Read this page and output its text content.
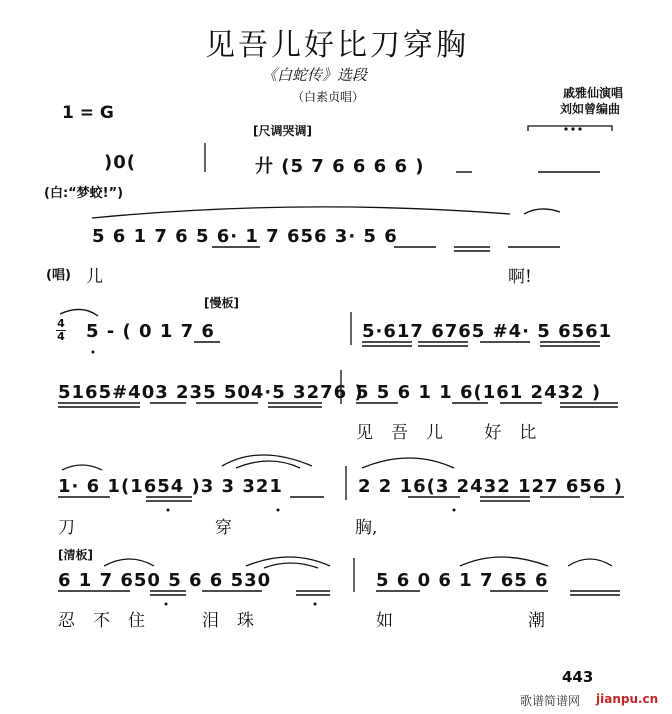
见吾儿好比刀穿胸
《白蛇传》选段
（白素贞唱）	戚雅仙演唱
刘如曾编曲
1 = G
[尺调哭调]
)0(
(白:“梦蛟!”)
廾 (5 7 6 6 6 6 )
5 6 1 7 6 5 6· 1 7 656 3· 5 6
(唱) 儿	啊!
[慢板]
4
4 5 - ( 0 1 7 6	5·617 6765 #4· 5 6561
5165#403 235 504·5 3276 )
5 5 6 1 1 6(161 2432 )
见吾儿 好比
1· 6 1(1654 )3 3 321	2 2 16(3 2432 127 656 )
刀	穿	胸,
[清板]
6 1 7 650 5 6 6 530	5 6 0 6 1 7 65 6
忍不住 泪珠	如	潮
443
歌谱简谱网 jianpu.cn
